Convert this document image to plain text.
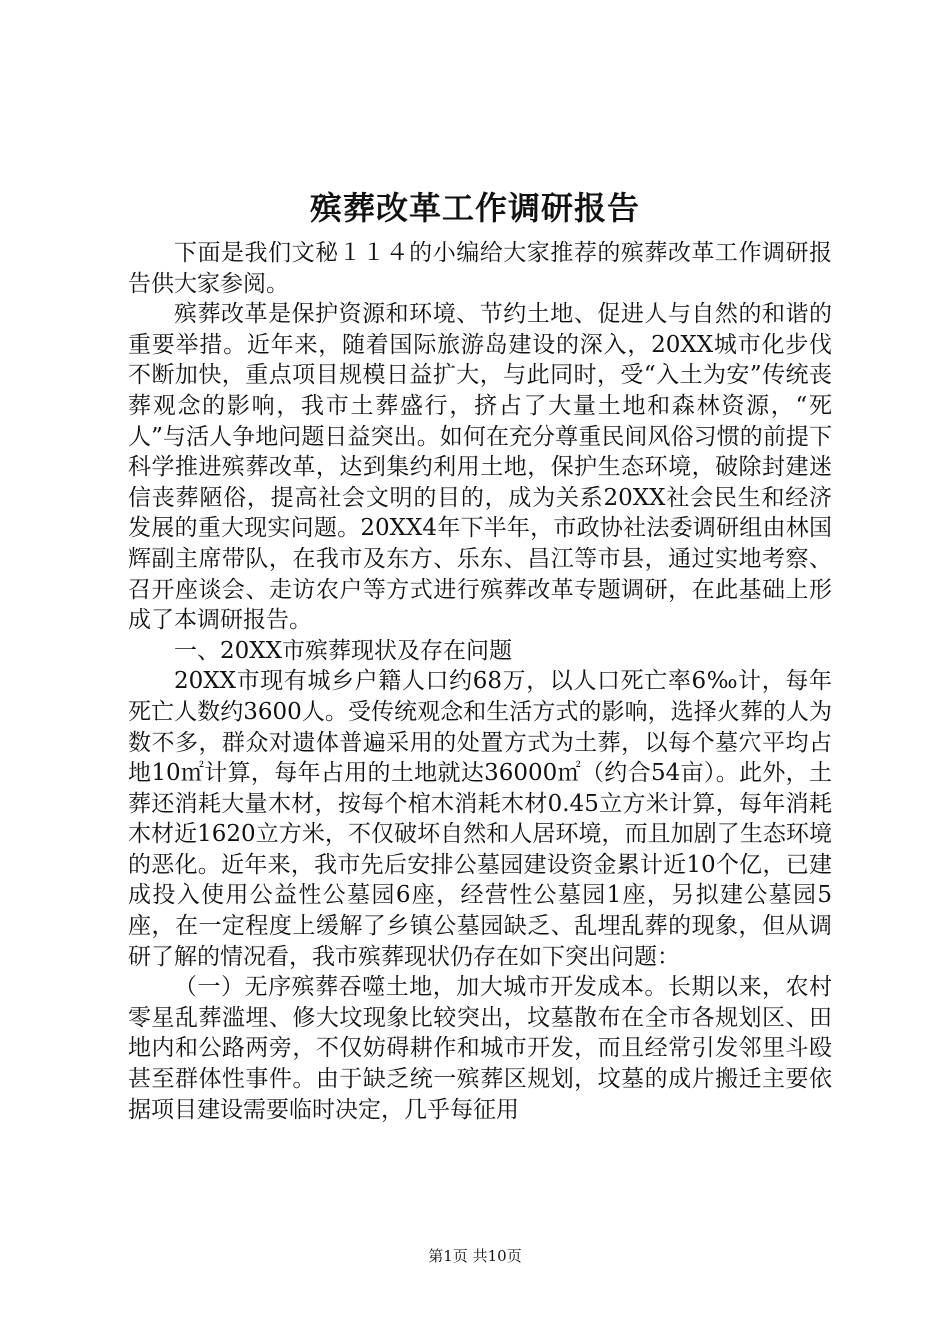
殡葬改革工作调研报告

下面是我们文秘１１４的小编给大家推荐的殡葬改革工作调研报告供大家参阅。

殡葬改革是保护资源和环境、节约土地、促进人与自然的和谐的重要举措。近年来，随着国际旅游岛建设的深入，20XX城市化步伐不断加快，重点项目规模日益扩大，与此同时，受“入土为安”传统丧葬观念的影响，我市土葬盛行，挤占了大量土地和森林资源，“死人”与活人争地问题日益突出。如何在充分尊重民间风俗习惯的前提下科学推进殡葬改革，达到集约利用土地，保护生态环境，破除封建迷信丧葬陋俗，提高社会文明的目的，成为关系20XX社会民生和经济发展的重大现实问题。20XX4年下半年，市政协社法委调研组由林国辉副主席带队，在我市及东方、乐东、昌江等市县，通过实地考察、召开座谈会、走访农户等方式进行殡葬改革专题调研，在此基础上形成了本调研报告。

一、20XX市殡葬现状及存在问题

20XX市现有城乡户籍人口约68万，以人口死亡率6‰计，每年死亡人数约3600人。受传统观念和生活方式的影响，选择火葬的人为数不多，群众对遗体普遍采用的处置方式为土葬，以每个墓穴平均占地10㎡计算，每年占用的土地就达36000㎡（约合54亩）。此外，土葬还消耗大量木材，按每个棺木消耗木材0.45立方米计算，每年消耗木材近1620立方米，不仅破坏自然和人居环境，而且加剧了生态环境的恶化。近年来，我市先后安排公墓园建设资金累计近10个亿，已建成投入使用公益性公墓园6座，经营性公墓园1座，另拟建公墓园5座，在一定程度上缓解了乡镇公墓园缺乏、乱埋乱葬的现象，但从调研了解的情况看，我市殡葬现状仍存在如下突出问题：

（一）无序殡葬吞噬土地，加大城市开发成本。长期以来，农村零星乱葬滥埋、修大坟现象比较突出，坟墓散布在全市各规划区、田地内和公路两旁，不仅妨碍耕作和城市开发，而且经常引发邻里斗殴甚至群体性事件。由于缺乏统一殡葬区规划，坟墓的成片搬迁主要依据项目建设需要临时决定，几乎每征用

第1页 共10页
